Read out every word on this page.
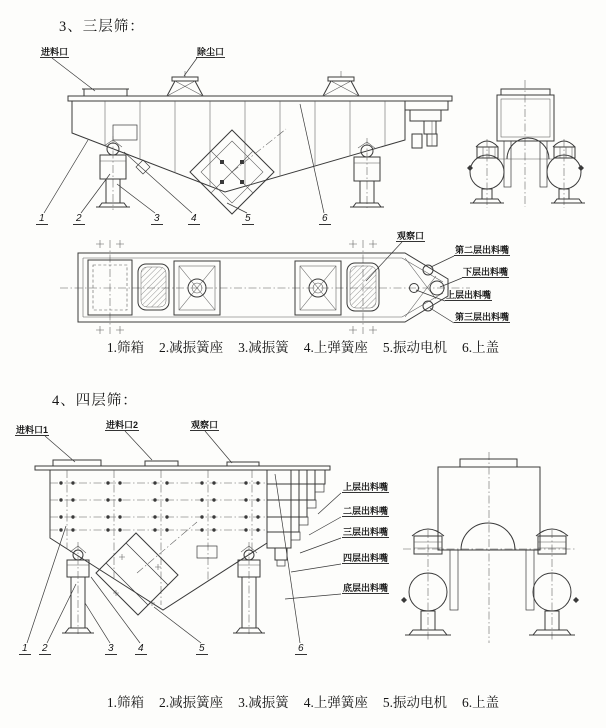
3、三层筛：
进料口	除尘口
观察口
第二层出料嘴
下层出料嘴
上层出料嘴
第三层出料嘴
1	2	3	4	5	6
1.筛箱 2.减振簧座 3.减振簧 4.上弹簧座 5.振动电机 6.上盖
4、四层筛：
进料口1	进料口2	观察口
上层出料嘴
二层出料嘴
三层出料嘴
四层出料嘴
底层出料嘴
1	2	3	4	5	6
1.筛箱 2.减振簧座 3.减振簧 4.上弹簧座 5.振动电机 6.上盖
